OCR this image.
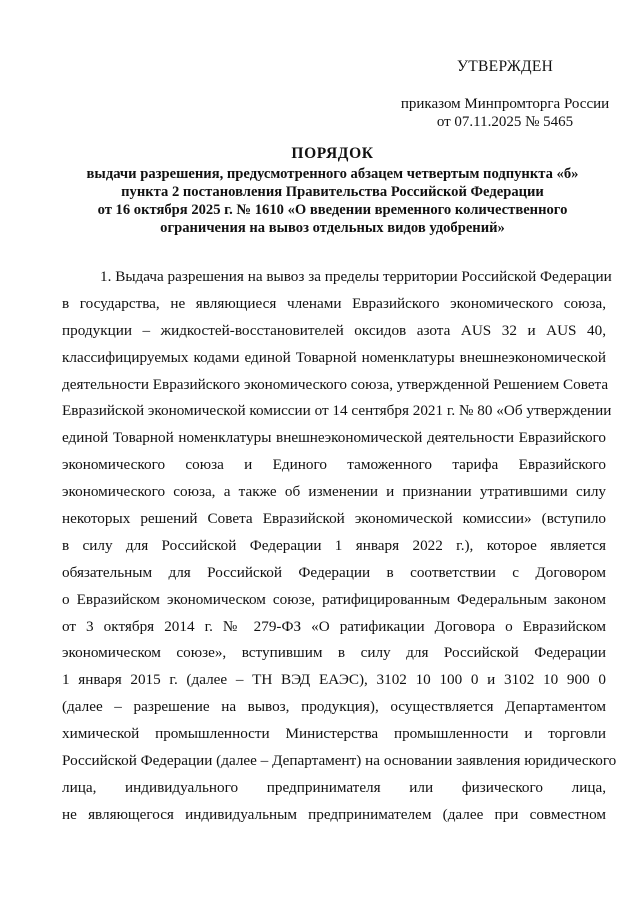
УТВЕРЖДЕН
приказом Минпромторга России
от 07.11.2025 № 5465
ПОРЯДОК
выдачи разрешения, предусмотренного абзацем четвертым подпункта «б»
пункта 2 постановления Правительства Российской Федерации
от 16 октября 2025 г. № 1610 «О введении временного количественного
ограничения на вывоз отдельных видов удобрений»
1. Выдача разрешения на вывоз за пределы территории Российской Федерации
в государства, не являющиеся членами Евразийского экономического союза,
продукции – жидкостей-восстановителей оксидов азота AUS 32 и AUS 40,
классифицируемых кодами единой Товарной номенклатуры внешнеэкономической
деятельности Евразийского экономического союза, утвержденной Решением Совета
Евразийской экономической комиссии от 14 сентября 2021 г. № 80 «Об утверждении
единой Товарной номенклатуры внешнеэкономической деятельности Евразийского
экономического союза и Единого таможенного тарифа Евразийского
экономического союза, а также об изменении и признании утратившими силу
некоторых решений Совета Евразийской экономической комиссии» (вступило
в силу для Российской Федерации 1 января 2022 г.), которое является
обязательным для Российской Федерации в соответствии с Договором
о Евразийском экономическом союзе, ратифицированным Федеральным законом
от 3 октября 2014 г. № 279-ФЗ «О ратификации Договора о Евразийском
экономическом союзе», вступившим в силу для Российской Федерации
1 января 2015 г. (далее – ТН ВЭД ЕАЭС), 3102 10 100 0 и 3102 10 900 0
(далее – разрешение на вывоз, продукция), осуществляется Департаментом
химической промышленности Министерства промышленности и торговли
Российской Федерации (далее – Департамент) на основании заявления юридического
лица, индивидуального предпринимателя или физического лица,
не являющегося индивидуальным предпринимателем (далее при совместном
